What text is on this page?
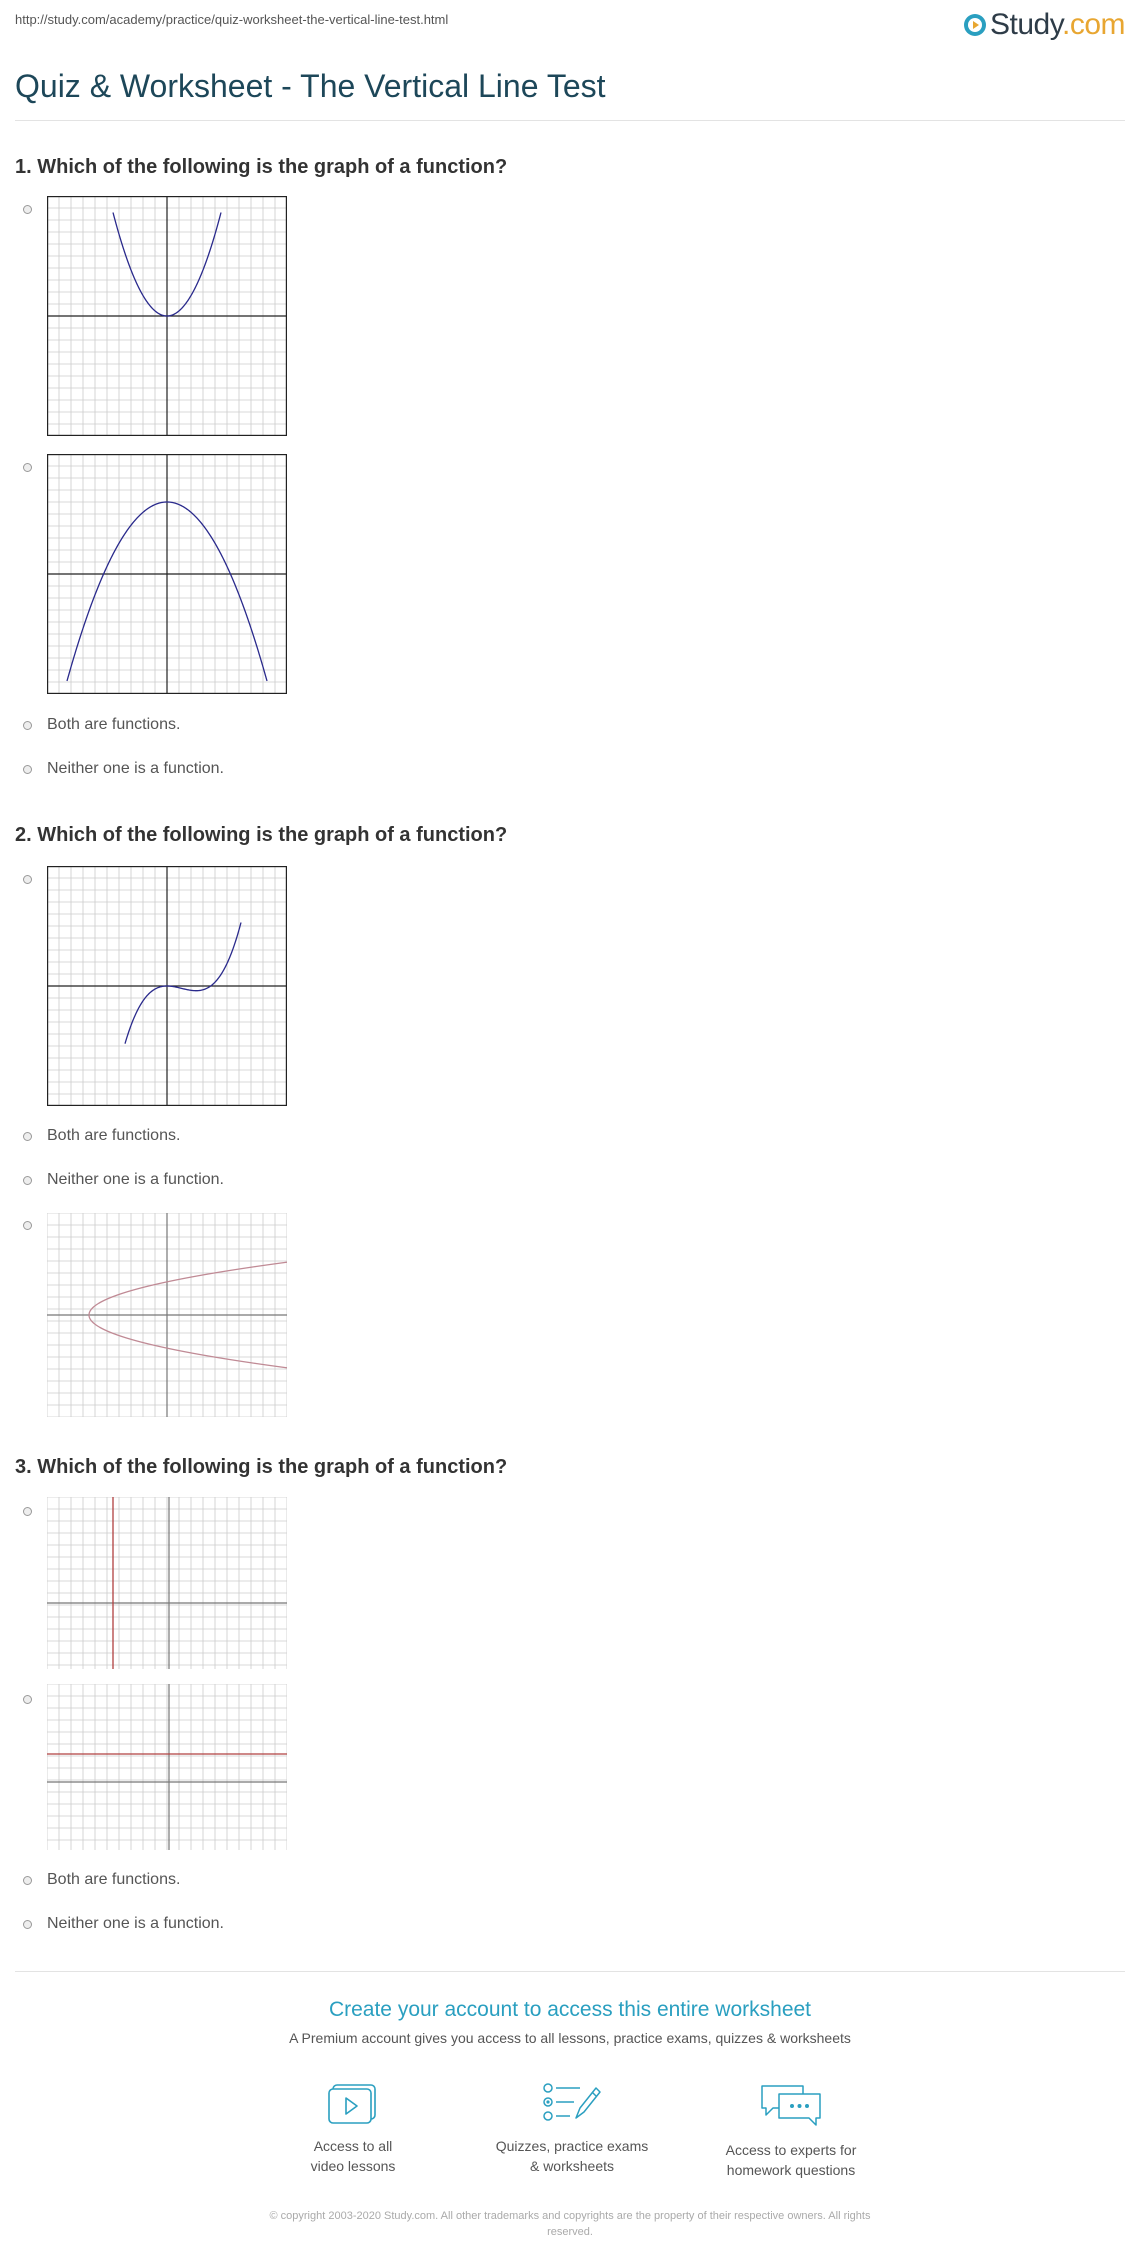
http://study.com/academy/practice/quiz-worksheet-the-vertical-line-test.html	Study.com
Quiz & Worksheet - The Vertical Line Test
1. Which of the following is the graph of a function?
Both are functions.
Neither one is a function.
2. Which of the following is the graph of a function?
Both are functions.
Neither one is a function.
3. Which of the following is the graph of a function?
Both are functions.
Neither one is a function.
Create your account to access this entire worksheet
A Premium account gives you access to all lessons, practice exams, quizzes & worksheets
Access to all
video lessons
Quizzes, practice exams
& worksheets
Access to experts for
homework questions
© copyright 2003-2020 Study.com. All other trademarks and copyrights are the property of their respective owners. All rights
reserved.
